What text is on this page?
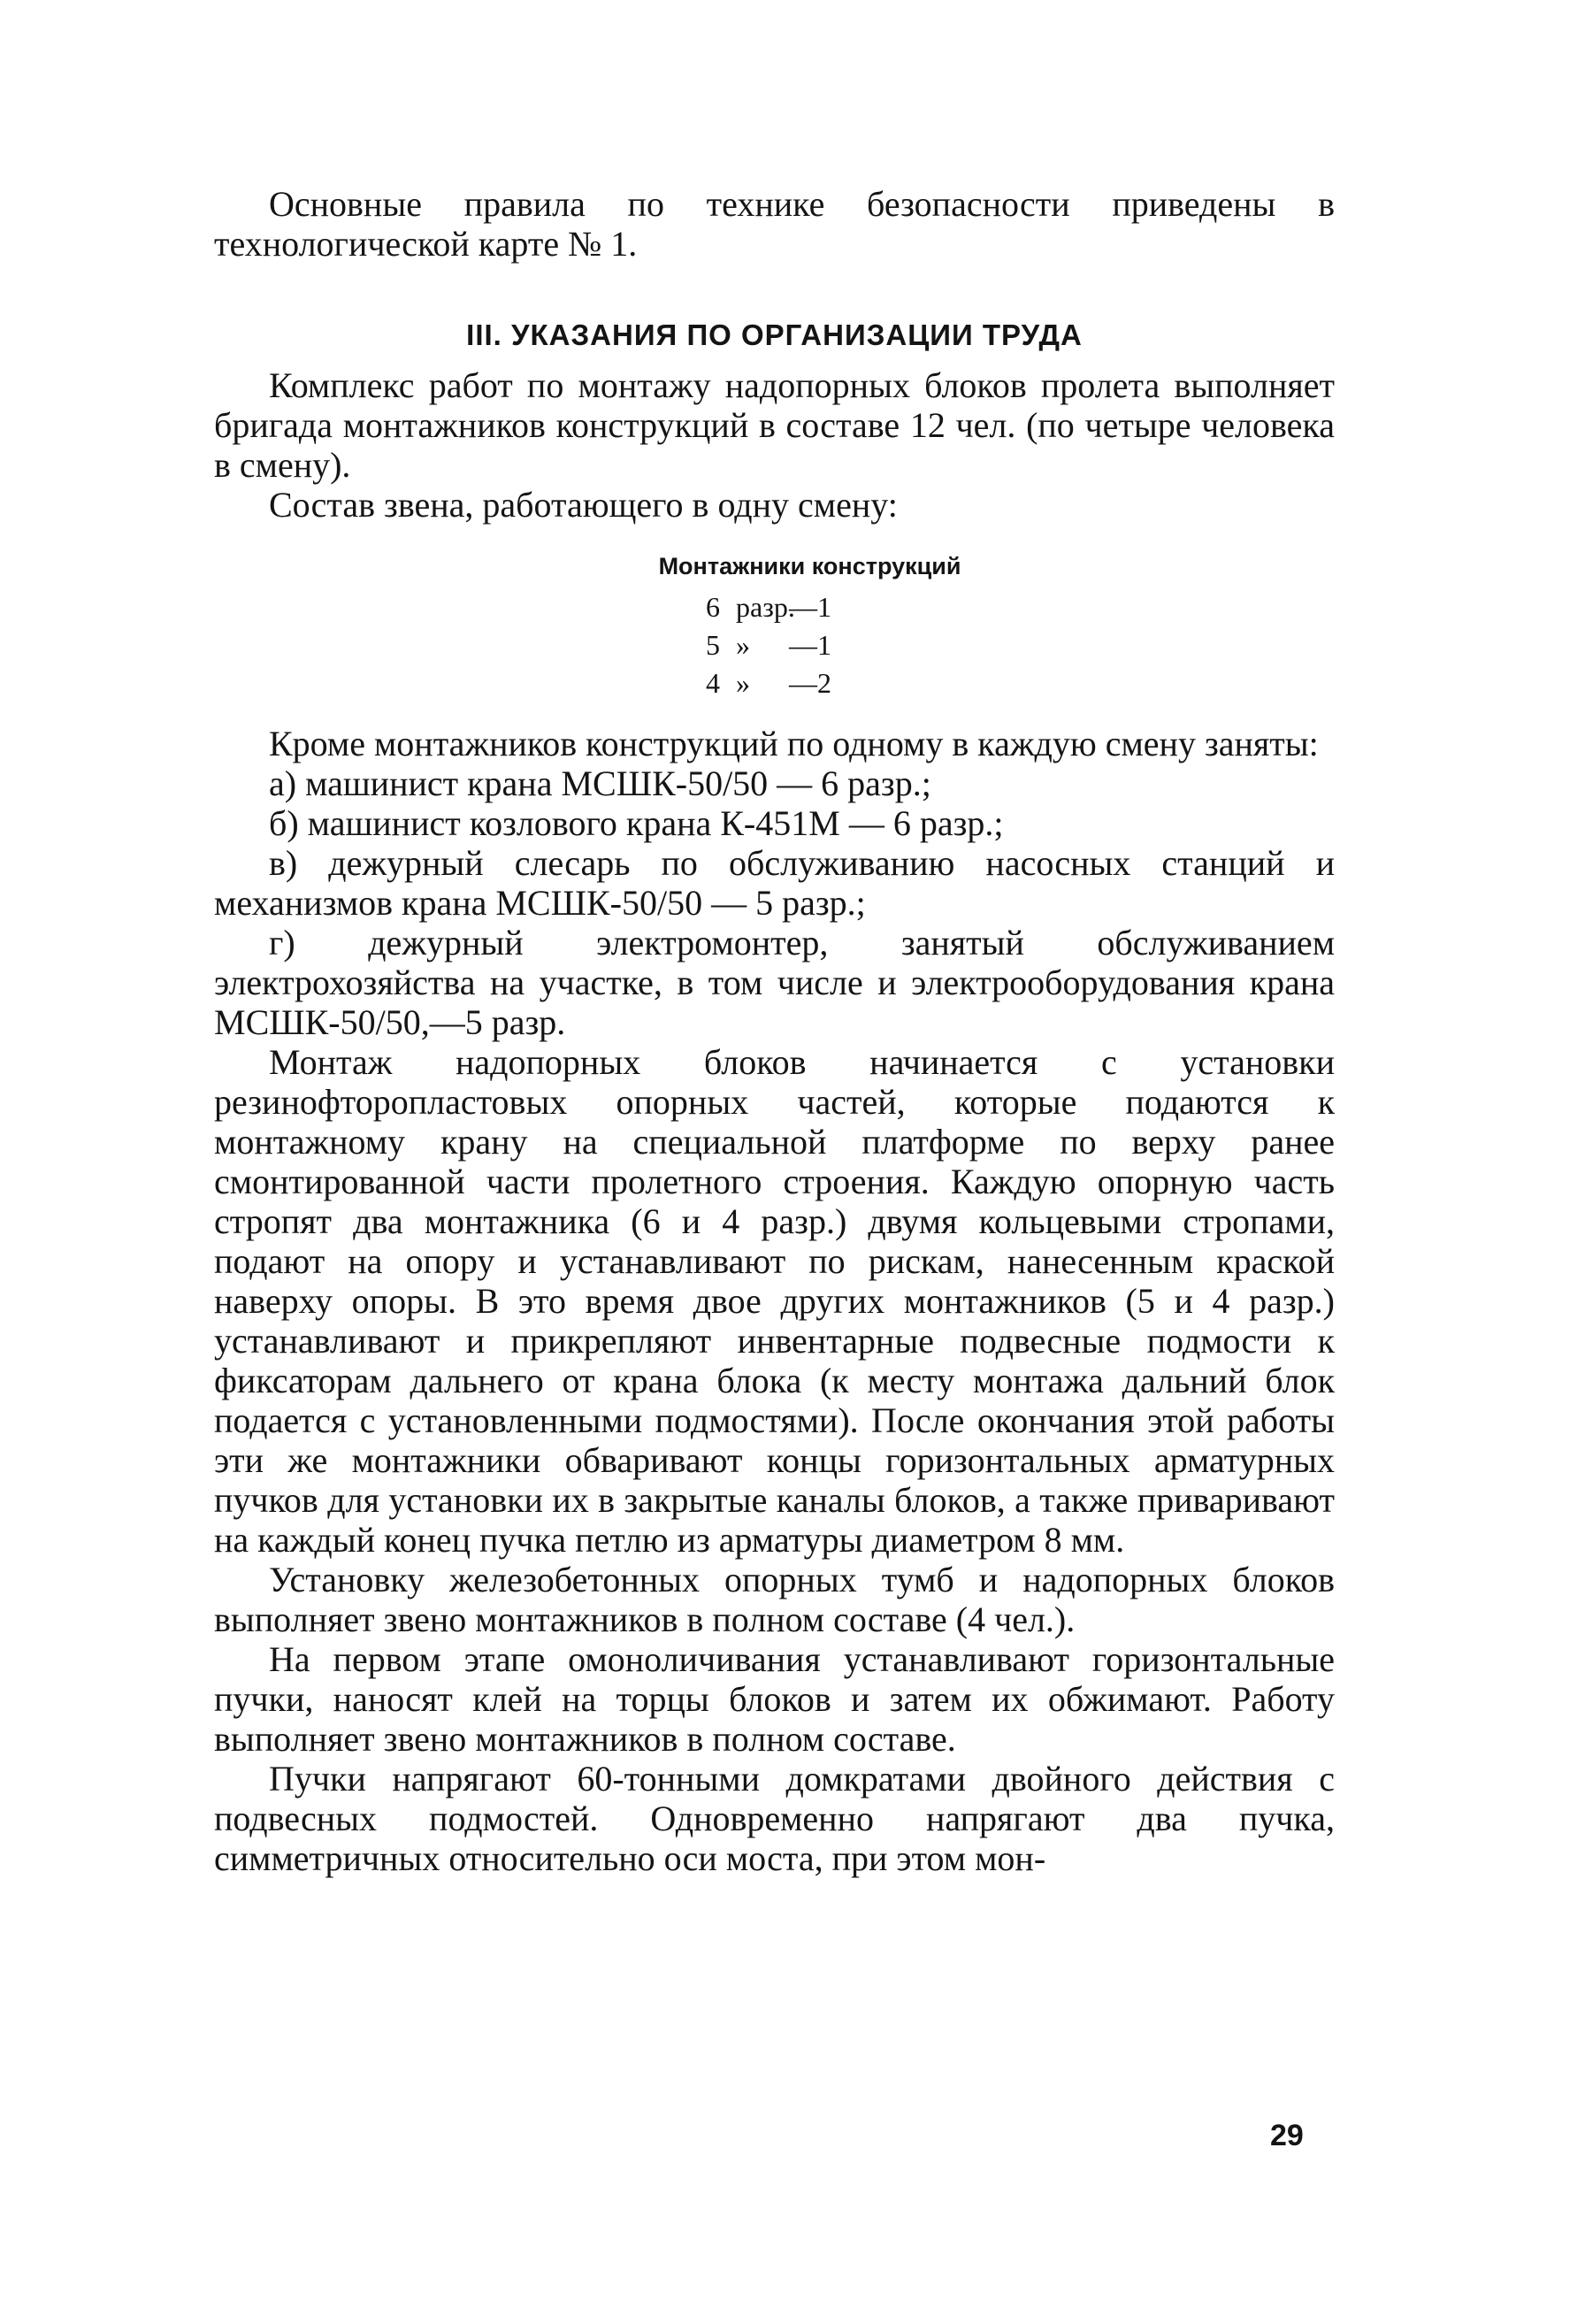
Основные правила по технике безопасности приведены в технологической карте № 1.

III. УКАЗАНИЯ ПО ОРГАНИЗАЦИИ ТРУДА

Комплекс работ по монтажу надопорных блоков пролета выполняет бригада монтажников конструкций в составе 12 чел. (по четыре человека в смену).

Состав звена, работающего в одну смену:

Монтажники конструкций
6 разр.
—1
5 »	—1
4 »	—2

Кроме монтажников конструкций по одному в каждую смену заняты:

а) машинист крана МСШК-50/50 — 6 разр.;

б) машинист козлового крана К-451М — 6 разр.;

в) дежурный слесарь по обслуживанию насосных станций и механизмов крана МСШК-50/50 — 5 разр.;

г) дежурный электромонтер, занятый обслуживанием электрохозяйства на участке, в том числе и электрооборудования крана МСШК-50/50,—5 разр.

Монтаж надопорных блоков начинается с установки резинофторопластовых опорных частей, которые подаются к монтажному крану на специальной платформе по верху ранее смонтированной части пролетного строения. Каждую опорную часть стропят два монтажника (6 и 4 разр.) двумя кольцевыми стропами, подают на опору и устанавливают по рискам, нанесенным краской наверху опоры. В это время двое других монтажников (5 и 4 разр.) устанавливают и прикрепляют инвентарные подвесные подмости к фиксаторам дальнего от крана блока (к месту монтажа дальний блок подается с установленными подмостями). После окончания этой работы эти же монтажники обваривают концы горизонтальных арматурных пучков для установки их в закрытые каналы блоков, а также приваривают на каждый конец пучка петлю из арматуры диаметром 8 мм.

Установку железобетонных опорных тумб и надопорных блоков выполняет звено монтажников в полном составе (4 чел.).

На первом этапе омоноличивания устанавливают горизонтальные пучки, наносят клей на торцы блоков и затем их обжимают. Работу выполняет звено монтажников в полном составе.

Пучки напрягают 60-тонными домкратами двойного действия с подвесных подмостей. Одновременно напрягают два пучка, симметричных относительно оси моста, при этом мон-

29
